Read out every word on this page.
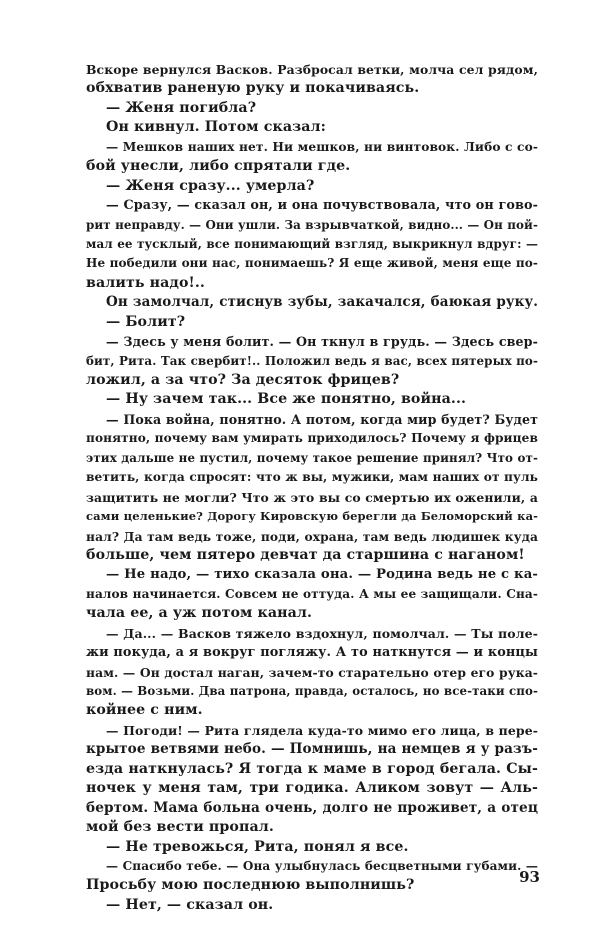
Вскоре вернулся Васков. Разбросал ветки, молча сел рядом,
обхватив раненую руку и покачиваясь.
— Женя погибла?
Он кивнул. Потом сказал:
— Мешков наших нет. Ни мешков, ни винтовок. Либо с со-
бой унесли, либо спрятали где.
— Женя сразу... умерла?
— Сразу, — сказал он, и она почувствовала, что он гово-
рит неправду. — Они ушли. За взрывчаткой, видно... — Он пой-
мал ее тусклый, все понимающий взгляд, выкрикнул вдруг: —
Не победили они нас, понимаешь? Я еще живой, меня еще по-
валить надо!..
Он замолчал, стиснув зубы, закачался, баюкая руку.
— Болит?
— Здесь у меня болит. — Он ткнул в грудь. — Здесь свер-
бит, Рита. Так свербит!.. Положил ведь я вас, всех пятерых по-
ложил, а за что? За десяток фрицев?
— Ну зачем так... Все же понятно, война...
— Пока война, понятно. А потом, когда мир будет? Будет
понятно, почему вам умирать приходилось? Почему я фрицев
этих дальше не пустил, почему такое решение принял? Что от-
ветить, когда спросят: что ж вы, мужики, мам наших от пуль
защитить не могли? Что ж это вы со смертью их оженили, а
сами целенькие? Дорогу Кировскую берегли да Беломорский ка-
нал? Да там ведь тоже, поди, охрана, там ведь людишек куда
больше, чем пятеро девчат да старшина с наганом!
— Не надо, — тихо сказала она. — Родина ведь не с ка-
налов начинается. Совсем не оттуда. А мы ее защищали. Сна-
чала ее, а уж потом канал.
— Да... — Васков тяжело вздохнул, помолчал. — Ты поле-
жи покуда, а я вокруг погляжу. А то наткнутся — и концы
нам. — Он достал наган, зачем-то старательно отер его рука-
вом. — Возьми. Два патрона, правда, осталось, но все-таки спо-
койнее с ним.
— Погоди! — Рита глядела куда-то мимо его лица, в пере-
крытое ветвями небо. — Помнишь, на немцев я у разъ-
езда наткнулась? Я тогда к маме в город бегала. Сы-
ночек у меня там, три годика. Аликом зовут — Аль-
бертом. Мама больна очень, долго не проживет, а отец
мой без вести пропал.
— Не тревожься, Рита, понял я все.
— Спасибо тебе. — Она улыбнулась бесцветными губами. —
Просьбу мою последнюю выполнишь?
— Нет, — сказал он.
93
